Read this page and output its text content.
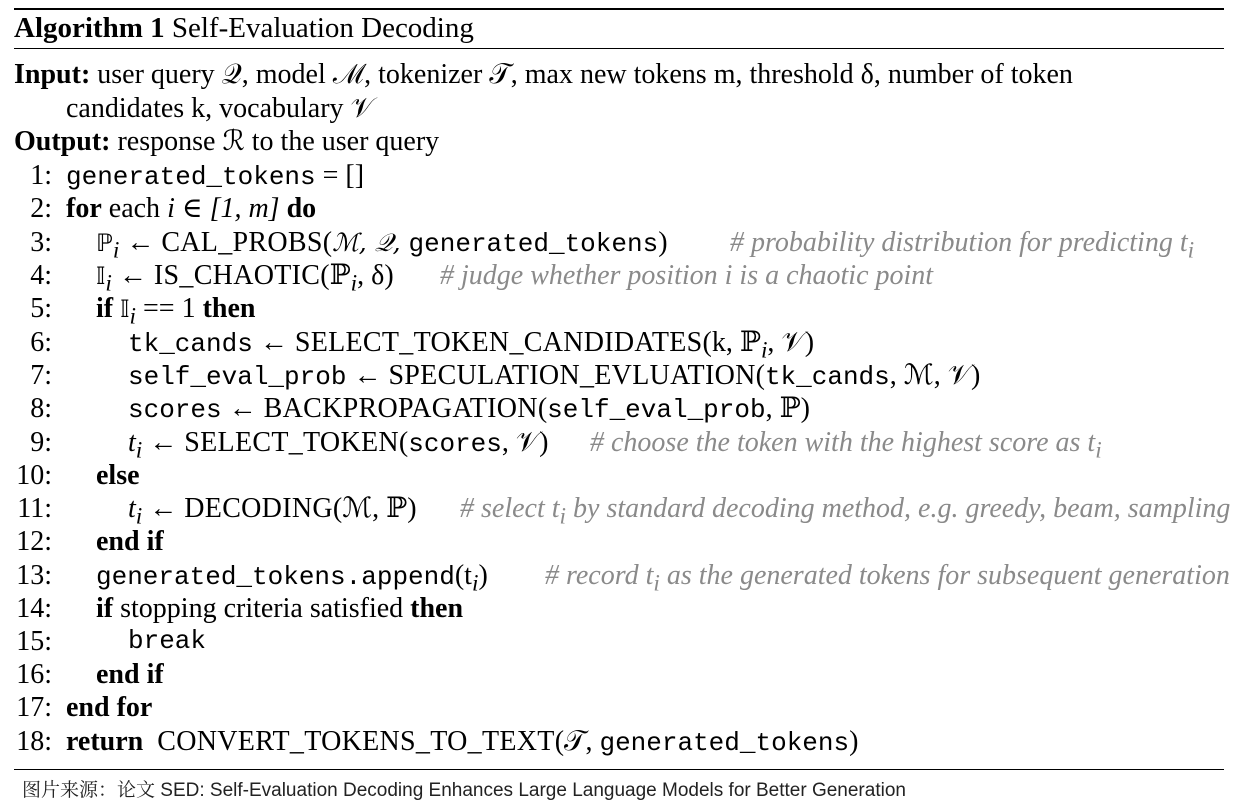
Algorithm 1 Self-Evaluation Decoding
Input: user query 𝒬, model ℳ, tokenizer 𝒯, max new tokens m, threshold δ, number of token
candidates k, vocabulary 𝒱
Output: response ℛ to the user query
1: generated_tokens = []
2: for each i ∈ [1, m] do
3: ℙ$_i$ ← CAL_PROBS(ℳ, 𝒬, generated_tokens) # probability distribution for predicting $t_i$
4: 𝕀$_i$ ← IS_CHAOTIC(ℙ$_i$, δ) # judge whether position i is a chaotic point
5: if 𝕀$_i$ == 1 then
6:	tk_cands ← SELECT_TOKEN_CANDIDATES(k, ℙ$_i$, 𝒱)
7:	self_eval_prob ← SPECULATION_EVLUATION(tk_cands, ℳ, 𝒱)
8:	scores ← BACKPROPAGATION(self_eval_prob, ℙ)
9:	$t_i$ ← SELECT_TOKEN(scores, 𝒱) # choose the token with the highest score as $t_i$
10: else
11:	$t_i$ ← DECODING(ℳ, ℙ) # select $t_i$ by standard decoding method, e.g. greedy, beam, sampling
12: end if
13: $generated\_tokens.append(t_i)$ # record $t_i$ as the generated tokens for subsequent generation
14: if stopping criteria satisfied then
15:	break
16: end if
17: end for
18: return CONVERT_TOKENS_TO_TEXT(𝒯, generated_tokens)
图片来源：论文 SED: Self-Evaluation Decoding Enhances Large Language Models for Better Generation
